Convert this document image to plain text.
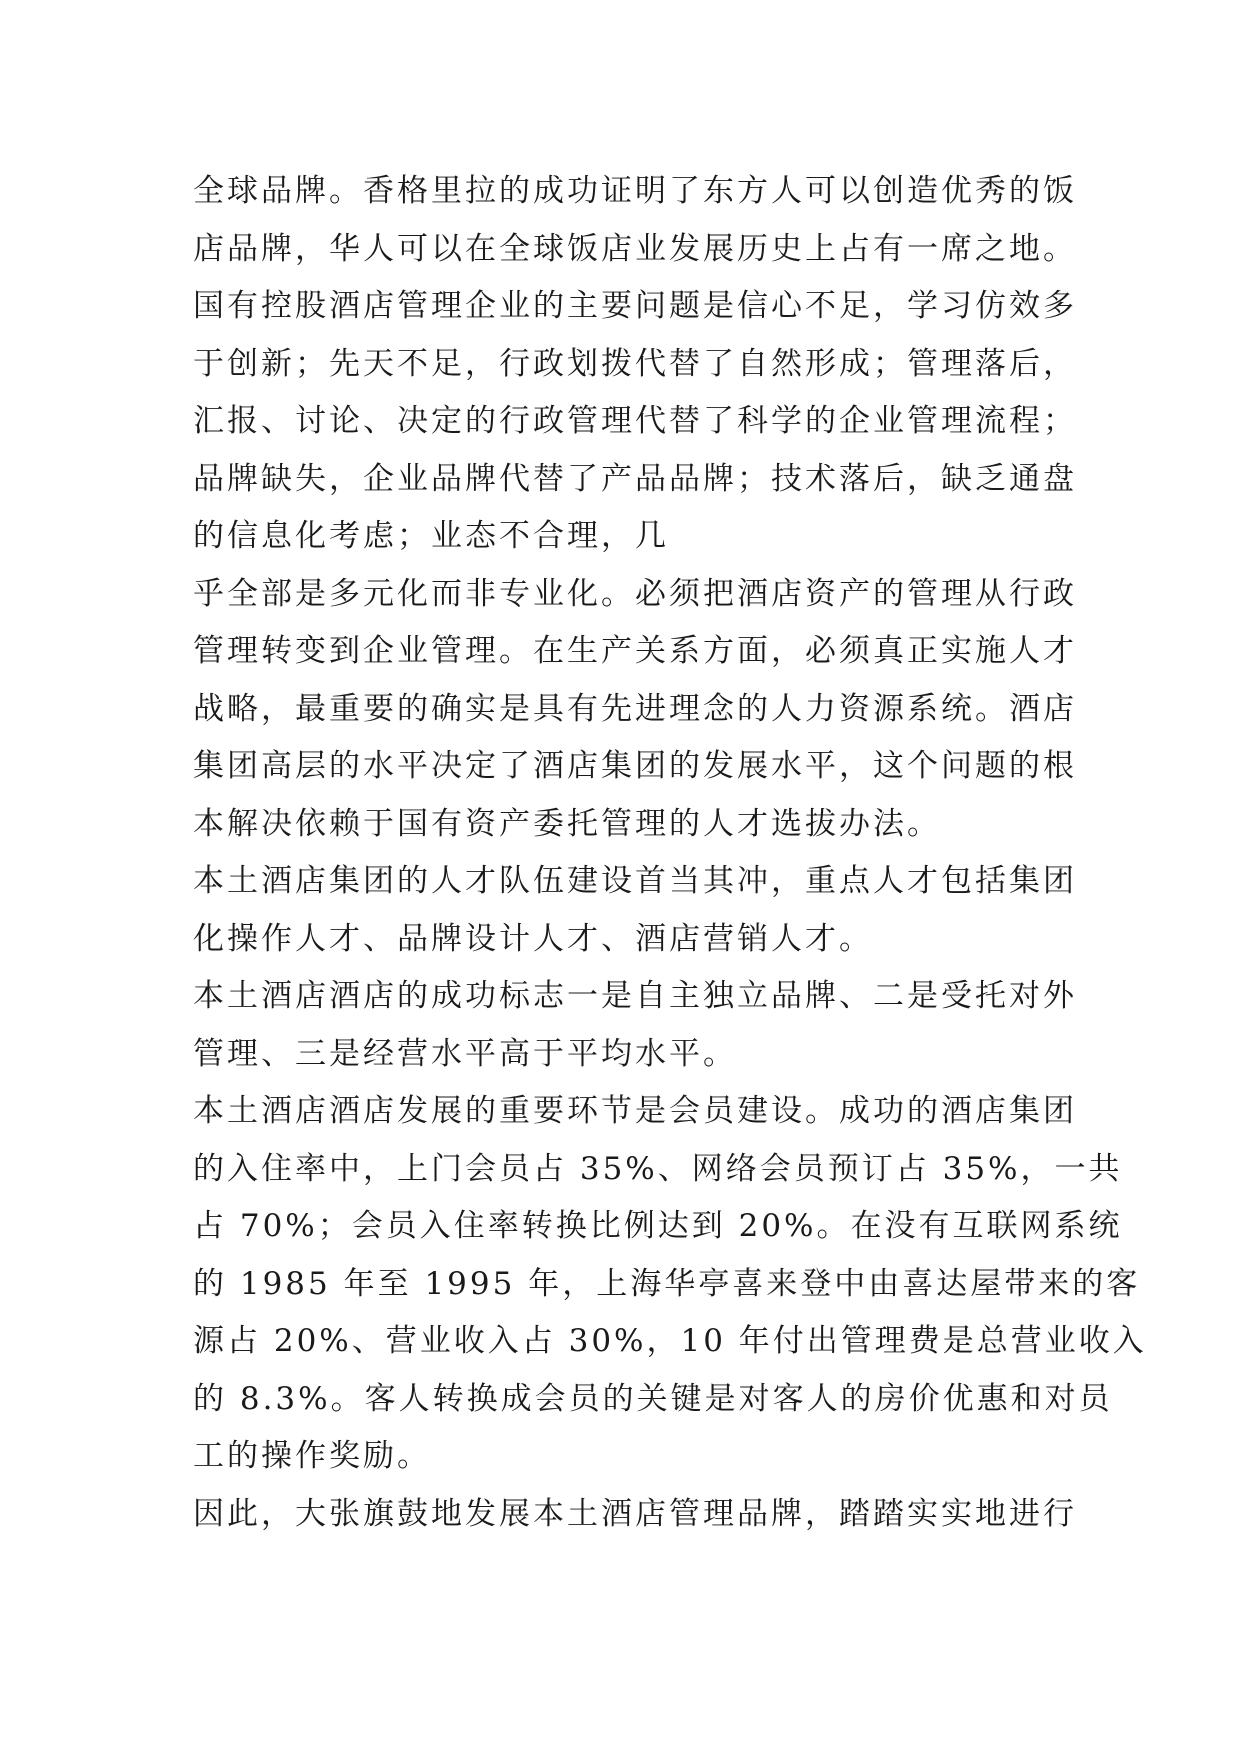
全球品牌。香格里拉的成功证明了东方人可以创造优秀的饭
店品牌，华人可以在全球饭店业发展历史上占有一席之地。
国有控股酒店管理企业的主要问题是信心不足，学习仿效多
于创新；先天不足，行政划拨代替了自然形成；管理落后，
汇报、讨论、决定的行政管理代替了科学的企业管理流程；
品牌缺失，企业品牌代替了产品品牌；技术落后，缺乏通盘
的信息化考虑；业态不合理，几
乎全部是多元化而非专业化。必须把酒店资产的管理从行政
管理转变到企业管理。在生产关系方面，必须真正实施人才
战略，最重要的确实是具有先进理念的人力资源系统。酒店
集团高层的水平决定了酒店集团的发展水平，这个问题的根
本解决依赖于国有资产委托管理的人才选拔办法。
本土酒店集团的人才队伍建设首当其冲，重点人才包括集团
化操作人才、品牌设计人才、酒店营销人才。
本土酒店酒店的成功标志一是自主独立品牌、二是受托对外
管理、三是经营水平高于平均水平。
本土酒店酒店发展的重要环节是会员建设。成功的酒店集团
的入住率中，上门会员占 35%、网络会员预订占 35%，一共
占 70%；会员入住率转换比例达到 20%。在没有互联网系统
的 1985 年至 1995 年，上海华亭喜来登中由喜达屋带来的客
源占 20%、营业收入占 30%，10 年付出管理费是总营业收入
的 8.3%。客人转换成会员的关键是对客人的房价优惠和对员
工的操作奖励。
因此，大张旗鼓地发展本土酒店管理品牌，踏踏实实地进行
